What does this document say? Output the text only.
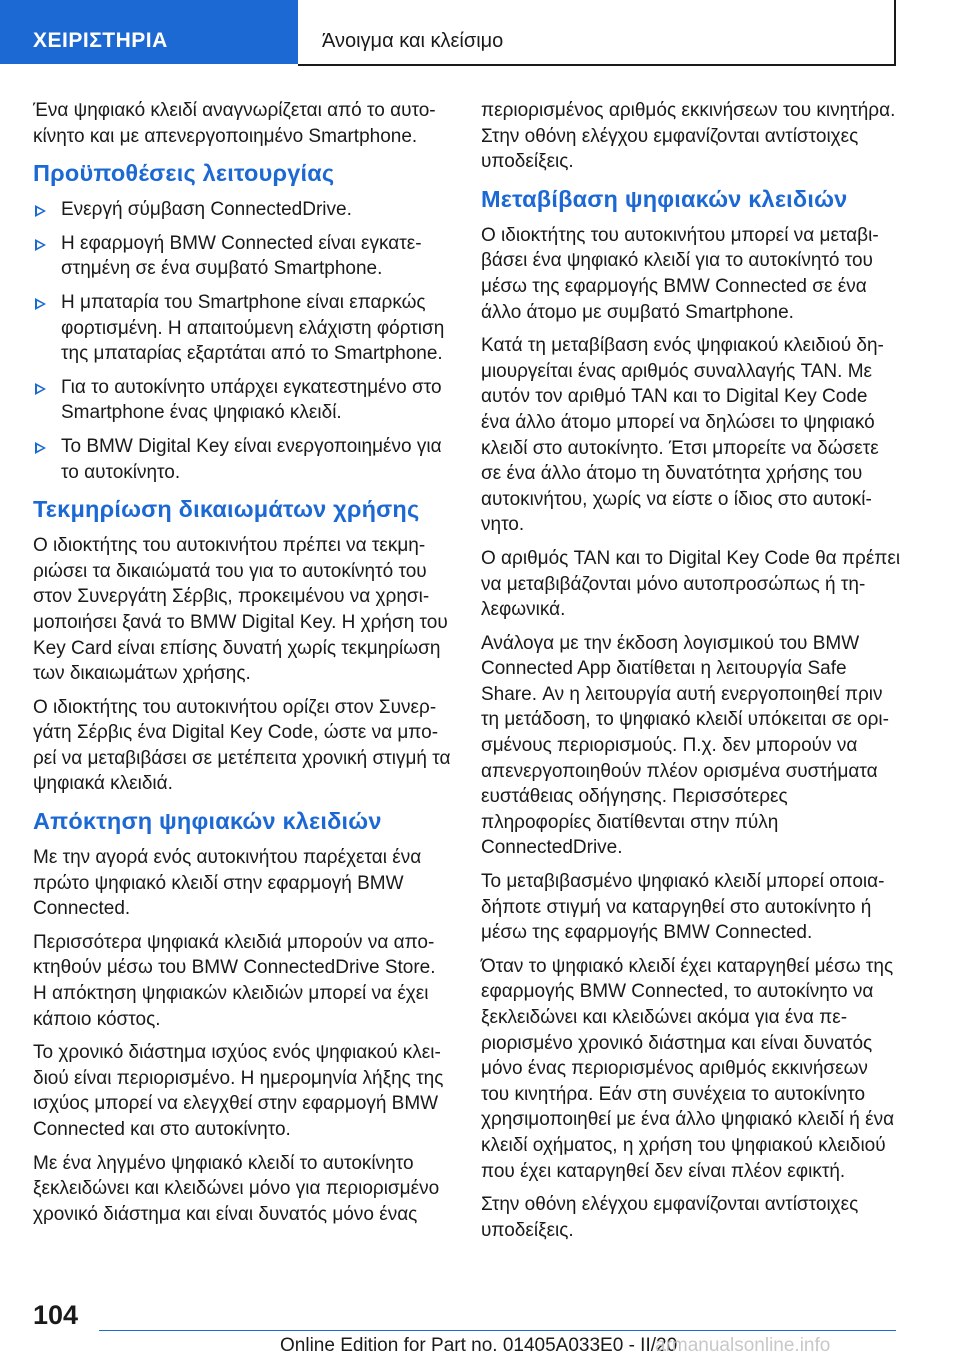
ΧΕΙΡΙΣΤΗΡΙΑ	Άνοιγμα και κλείσιμο

Ένα ψηφιακό κλειδί αναγνωρίζεται από το αυτοκίνητο και με απενεργοποιημένο Smartphone.

Προϋποθέσεις λειτουργίας
Ενεργή σύμβαση ConnectedDrive.
Η εφαρμογή BMW Connected είναι εγκατεστημένη σε ένα συμβατό Smartphone.
Η μπαταρία του Smartphone είναι επαρκώς φορτισμένη. Η απαιτούμενη ελάχιστη φόρτιση της μπαταρίας εξαρτάται από το Smartphone.
Για το αυτοκίνητο υπάρχει εγκατεστημένο στο Smartphone ένας ψηφιακό κλειδί.
Το BMW Digital Key είναι ενεργοποιημένο για το αυτοκίνητο.
Τεκμηρίωση δικαιωμάτων χρήσης

Ο ιδιοκτήτης του αυτοκινήτου πρέπει να τεκμηριώσει τα δικαιώματά του για το αυτοκίνητό του στον Συνεργάτη Σέρβις, προκειμένου να χρησιμοποιήσει ξανά το BMW Digital Key. Η χρήση του Key Card είναι επίσης δυνατή χωρίς τεκμηρίωση των δικαιωμάτων χρήσης.

Ο ιδιοκτήτης του αυτοκινήτου ορίζει στον Συνεργάτη Σέρβις ένα Digital Key Code, ώστε να μπορεί να μεταβιβάσει σε μετέπειτα χρονική στιγμή τα ψηφιακά κλειδιά.

Απόκτηση ψηφιακών κλειδιών

Με την αγορά ενός αυτοκινήτου παρέχεται ένα πρώτο ψηφιακό κλειδί στην εφαρμογή BMW Connected.

Περισσότερα ψηφιακά κλειδιά μπορούν να αποκτηθούν μέσω του BMW ConnectedDrive Store. Η απόκτηση ψηφιακών κλειδιών μπορεί να έχει κάποιο κόστος.

Το χρονικό διάστημα ισχύος ενός ψηφιακού κλειδιού είναι περιορισμένο. Η ημερομηνία λήξης της ισχύος μπορεί να ελεγχθεί στην εφαρμογή BMW Connected και στο αυτοκίνητο.

Με ένα ληγμένο ψηφιακό κλειδί το αυτοκίνητο ξεκλειδώνει και κλειδώνει μόνο για περιορισμένο χρονικό διάστημα και είναι δυνατός μόνο ένας

περιορισμένος αριθμός εκκινήσεων του κινητήρα. Στην οθόνη ελέγχου εμφανίζονται αντίστοιχες υποδείξεις.

Μεταβίβαση ψηφιακών κλειδιών

Ο ιδιοκτήτης του αυτοκινήτου μπορεί να μεταβιβάσει ένα ψηφιακό κλειδί για το αυτοκίνητό του μέσω της εφαρμογής BMW Connected σε ένα άλλο άτομο με συμβατό Smartphone.

Κατά τη μεταβίβαση ενός ψηφιακού κλειδιού δημιουργείται ένας αριθμός συναλλαγής TAN. Με αυτόν τον αριθμό TAN και το Digital Key Code ένα άλλο άτομο μπορεί να δηλώσει το ψηφιακό κλειδί στο αυτοκίνητο. Έτσι μπορείτε να δώσετε σε ένα άλλο άτομο τη δυνατότητα χρήσης του αυτοκινήτου, χωρίς να είστε ο ίδιος στο αυτοκίνητο.

Ο αριθμός TAN και το Digital Key Code θα πρέπει να μεταβιβάζονται μόνο αυτοπροσώπως ή τηλεφωνικά.

Ανάλογα με την έκδοση λογισμικού του BMW Connected App διατίθεται η λειτουργία Safe Share. Αν η λειτουργία αυτή ενεργοποιηθεί πριν τη μετάδοση, το ψηφιακό κλειδί υπόκειται σε ορισμένους περιορισμούς. Π.χ. δεν μπορούν να απενεργοποιηθούν πλέον ορισμένα συστήματα ευστάθειας οδήγησης. Περισσότερες πληροφορίες διατίθενται στην πύλη ConnectedDrive.

Το μεταβιβασμένο ψηφιακό κλειδί μπορεί οποιαδήποτε στιγμή να καταργηθεί στο αυτοκίνητο ή μέσω της εφαρμογής BMW Connected.

Όταν το ψηφιακό κλειδί έχει καταργηθεί μέσω της εφαρμογής BMW Connected, το αυτοκίνητο να ξεκλειδώνει και κλειδώνει ακόμα για ένα περιορισμένο χρονικό διάστημα και είναι δυνατός μόνο ένας περιορισμένος αριθμός εκκινήσεων του κινητήρα. Εάν στη συνέχεια το αυτοκίνητο χρησιμοποιηθεί με ένα άλλο ψηφιακό κλειδί ή ένα κλειδί οχήματος, η χρήση του ψηφιακού κλειδιού που έχει καταργηθεί δεν είναι πλέον εφικτή.

Στην οθόνη ελέγχου εμφανίζονται αντίστοιχες υποδείξεις.

104
Online Edition for Part no. 01405A033E0 - II/20
armanualsonline.info
